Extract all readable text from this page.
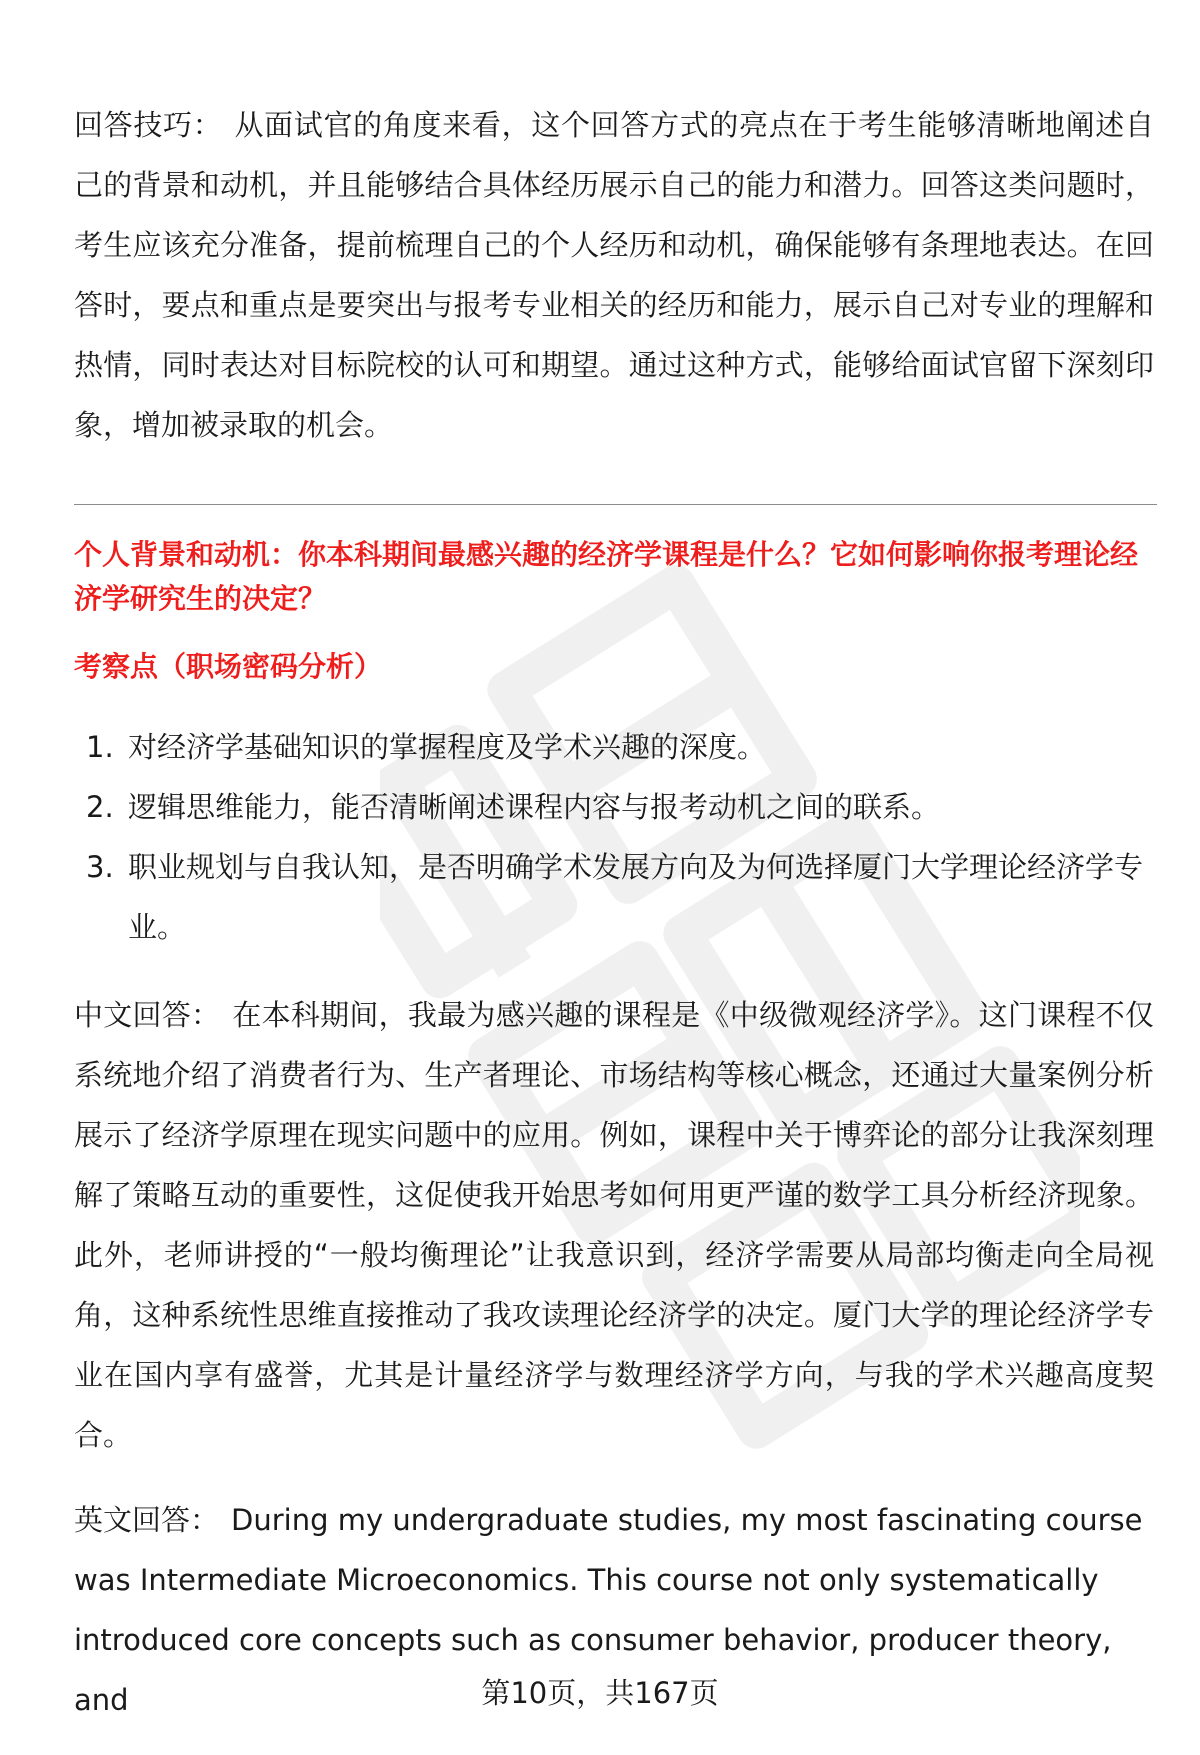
回答技巧： 从面试官的角度来看，这个回答方式的亮点在于考生能够清晰地阐述自己的背景和动机，并且能够结合具体经历展示自己的能力和潜力。回答这类问题时，考生应该充分准备，提前梳理自己的个人经历和动机，确保能够有条理地表达。在回答时，要点和重点是要突出与报考专业相关的经历和能力，展示自己对专业的理解和热情，同时表达对目标院校的认可和期望。通过这种方式，能够给面试官留下深刻印象，增加被录取的机会。

个人背景和动机：你本科期间最感兴趣的经济学课程是什么？它如何影响你报考理论经济学研究生的决定？
考察点（职场密码分析）
1. 对经济学基础知识的掌握程度及学术兴趣的深度。
2. 逻辑思维能力，能否清晰阐述课程内容与报考动机之间的联系。
3. 职业规划与自我认知，是否明确学术发展方向及为何选择厦门大学理论经济学专业。

中文回答： 在本科期间，我最为感兴趣的课程是《中级微观经济学》。这门课程不仅系统地介绍了消费者行为、生产者理论、市场结构等核心概念，还通过大量案例分析展示了经济学原理在现实问题中的应用。例如，课程中关于博弈论的部分让我深刻理解了策略互动的重要性，这促使我开始思考如何用更严谨的数学工具分析经济现象。此外，老师讲授的“一般均衡理论”让我意识到，经济学需要从局部均衡走向全局视角，这种系统性思维直接推动了我攻读理论经济学的决定。厦门大学的理论经济学专业在国内享有盛誉，尤其是计量经济学与数理经济学方向，与我的学术兴趣高度契合。

英文回答： During my undergraduate studies, my most fascinating course was Intermediate Microeconomics. This course not only systematically introduced core concepts such as consumer behavior, producer theory, and	第10页，共167页
